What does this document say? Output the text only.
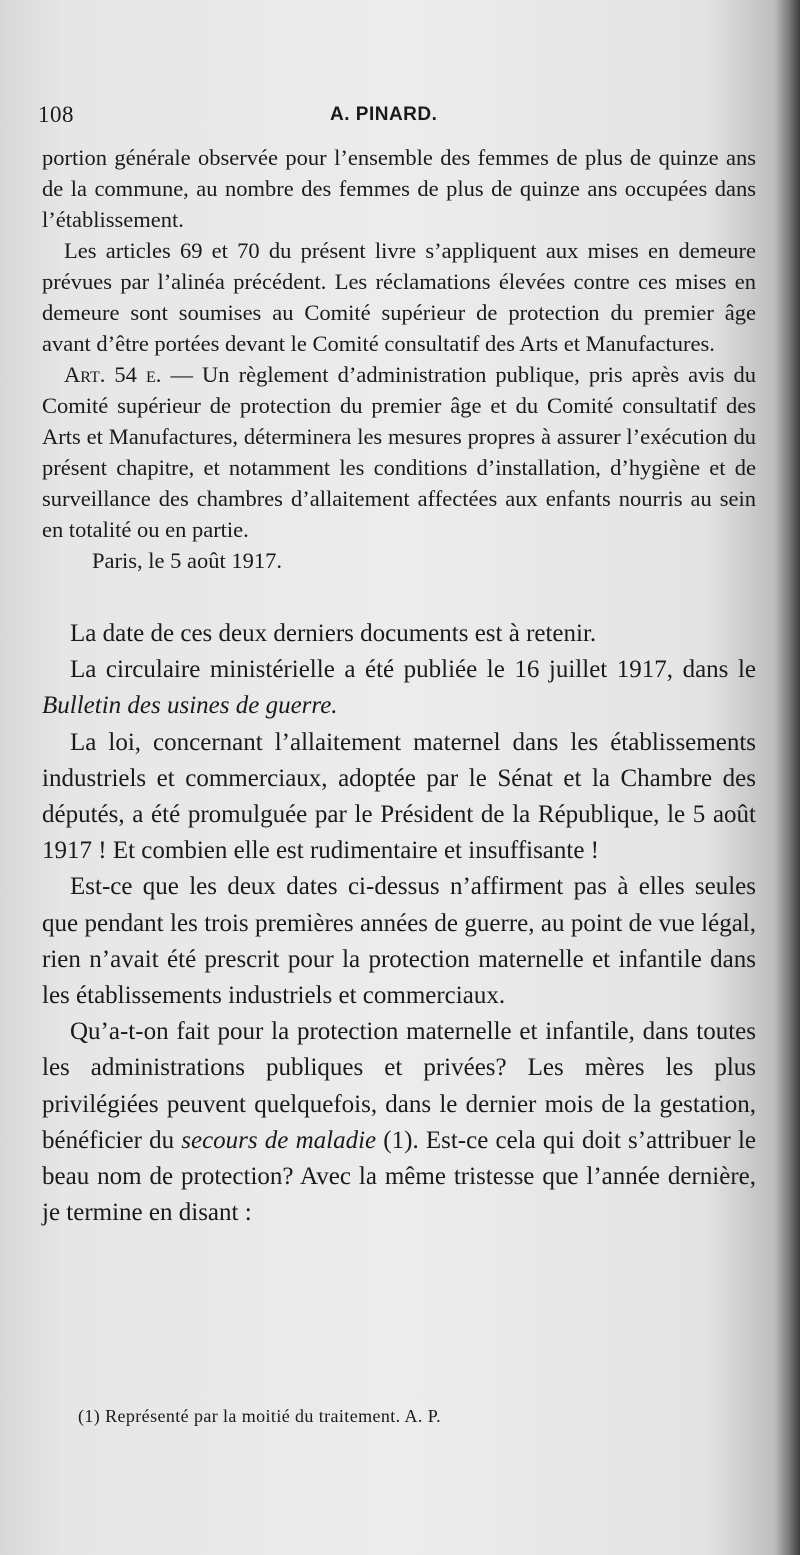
108	A. PINARD.

portion générale observée pour l’ensemble des femmes de plus de quinze ans de la commune, au nombre des femmes de plus de quinze ans occupées dans l’établissement.

Les articles 69 et 70 du présent livre s’appliquent aux mises en demeure prévues par l’alinéa précédent. Les réclamations élevées contre ces mises en demeure sont soumises au Comité supérieur de protection du premier âge avant d’être portées devant le Comité consultatif des Arts et Manufactures.

Art. 54 e. — Un règlement d’administration publique, pris après avis du Comité supérieur de protection du premier âge et du Comité consultatif des Arts et Manufactures, déterminera les mesures propres à assurer l’exécution du présent chapitre, et notamment les conditions d’installation, d’hygiène et de surveillance des chambres d’allaitement affectées aux enfants nourris au sein en totalité ou en partie.

Paris, le 5 août 1917.

La date de ces deux derniers documents est à retenir.

La circulaire ministérielle a été publiée le 16 juillet 1917, dans le Bulletin des usines de guerre.

La loi, concernant l’allaitement maternel dans les établissements industriels et commerciaux, adoptée par le Sénat et la Chambre des députés, a été promulguée par le Président de la République, le 5 août 1917 ! Et combien elle est rudimentaire et insuffisante !

Est-ce que les deux dates ci-dessus n’affirment pas à elles seules que pendant les trois premières années de guerre, au point de vue légal, rien n’avait été prescrit pour la protection maternelle et infantile dans les établissements industriels et commerciaux.

Qu’a-t-on fait pour la protection maternelle et infantile, dans toutes les administrations publiques et privées? Les mères les plus privilégiées peuvent quelquefois, dans le dernier mois de la gestation, bénéficier du secours de maladie (1). Est-ce cela qui doit s’attribuer le beau nom de protection? Avec la même tristesse que l’année dernière, je termine en disant :

(1) Représenté par la moitié du traitement. A. P.
